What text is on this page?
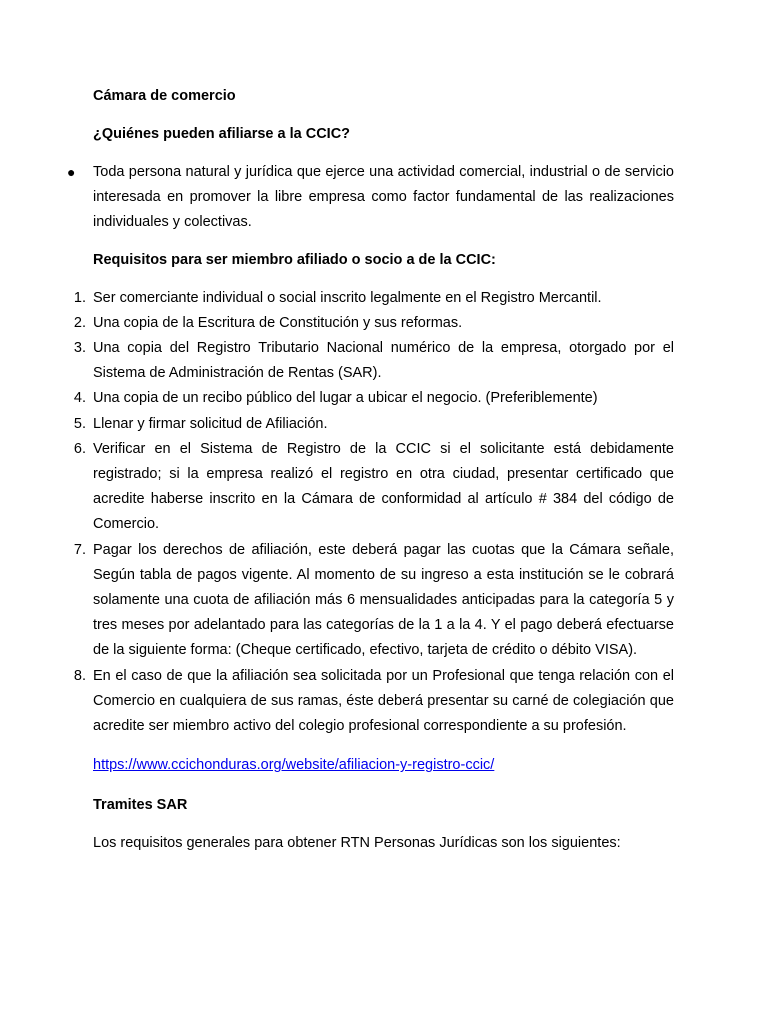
Cámara de comercio

¿Quiénes pueden afiliarse a la CCIC?

● Toda persona natural y jurídica que ejerce una actividad comercial, industrial o de servicio interesada en promover la libre empresa como factor fundamental de las realizaciones individuales y colectivas.

Requisitos para ser miembro afiliado o socio a de la CCIC:

1. Ser comerciante individual o social inscrito legalmente en el Registro Mercantil.
2. Una copia de la Escritura de Constitución y sus reformas.
3. Una copia del Registro Tributario Nacional numérico de la empresa, otorgado por el Sistema de Administración de Rentas (SAR).
4. Una copia de un recibo público del lugar a ubicar el negocio. (Preferiblemente)
5. Llenar y firmar solicitud de Afiliación.
6. Verificar en el Sistema de Registro de la CCIC si el solicitante está debidamente registrado; si la empresa realizó el registro en otra ciudad, presentar certificado que acredite haberse inscrito en la Cámara de conformidad al artículo # 384 del código de Comercio.
7. Pagar los derechos de afiliación, este deberá pagar las cuotas que la Cámara señale, Según tabla de pagos vigente. Al momento de su ingreso a esta institución se le cobrará solamente una cuota de afiliación más 6 mensualidades anticipadas para la categoría 5 y tres meses por adelantado para las categorías de la 1 a la 4. Y el pago deberá efectuarse de la siguiente forma: (Cheque certificado, efectivo, tarjeta de crédito o débito VISA).
8. En el caso de que la afiliación sea solicitada por un Profesional que tenga relación con el Comercio en cualquiera de sus ramas, éste deberá presentar su carné de colegiación que acredite ser miembro activo del colegio profesional correspondiente a su profesión.
https://www.ccichonduras.org/website/afiliacion-y-registro-ccic/

Tramites SAR

Los requisitos generales para obtener RTN Personas Jurídicas son los siguientes:
